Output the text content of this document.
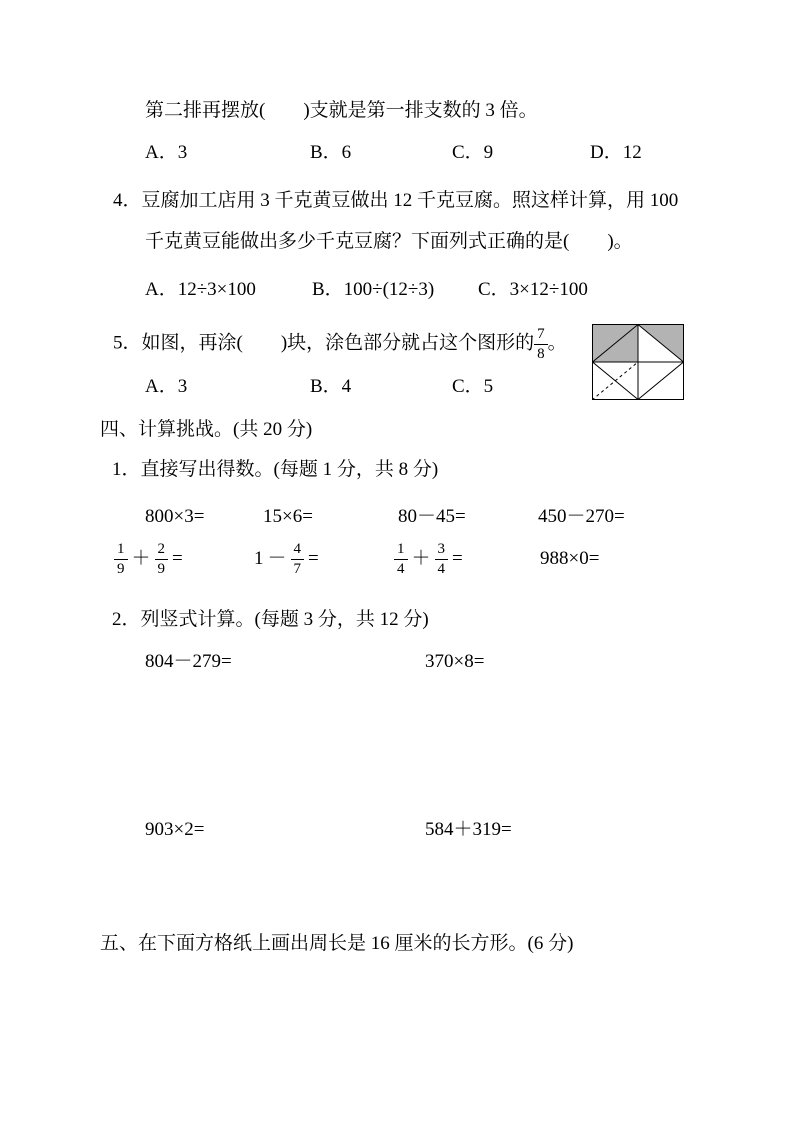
第二排再摆放(　　)支就是第一排支数的 3 倍。
A．3	B．6	C．9	D．12
4．豆腐加工店用 3 千克黄豆做出 12 千克豆腐。照这样计算，用 100
千克黄豆能做出多少千克豆腐？下面列式正确的是(　　)。
A．12÷3×100	B．100÷(12÷3) C．3×12÷100
5．如图，再涂(　　)块，涂色部分就占这个图形的 $\frac{7}{8}$ 。
A．3	B．4	C．5
四、计算挑战。(共 20 分)
1．直接写出得数。(每题 1 分，共 8 分)
800×3=	15×6=	80－45=	450－270=
$\frac{1}{9} + \frac{2}{9}$ =	$1 - \frac{4}{7}$ =	$\frac{1}{4} + \frac{3}{4}$ =	988×0=
2．列竖式计算。(每题 3 分，共 12 分)
804－279=	370×8=
903×2=	584＋319=
五、在下面方格纸上画出周长是 16 厘米的长方形。(6 分)
